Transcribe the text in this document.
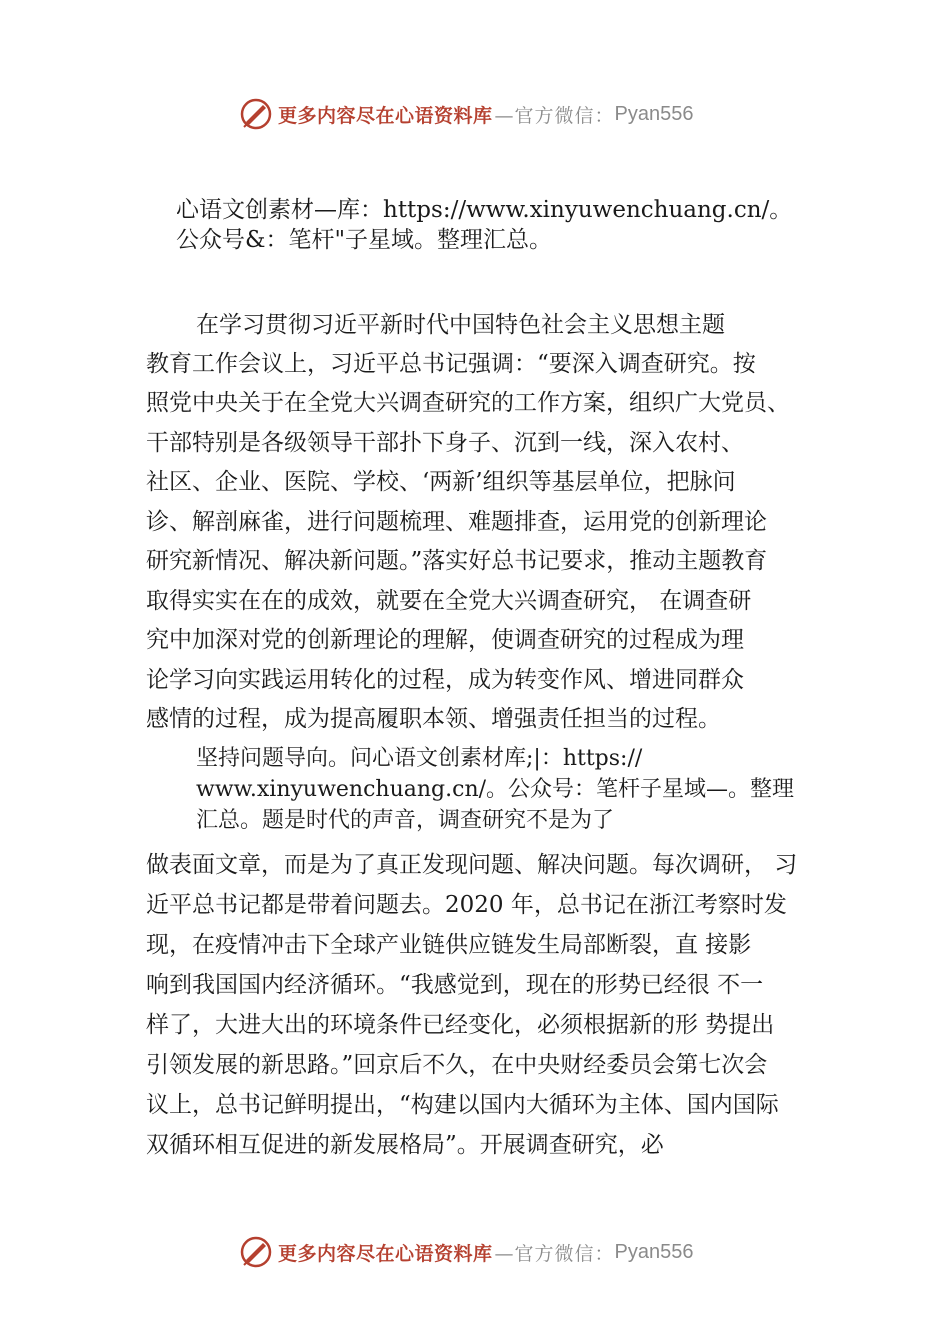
更多内容尽在心语资料库 —官方微信： Pyan556
心语文创素材—库：https://www.xinyuwenchuang.cn/。
公众号&：笔杆"子星域。整理汇总。
在学习贯彻习近平新时代中国特色社会主义思想主题
教育工作会议上，习近平总书记强调：“要深入调查研究。按
照党中央关于在全党大兴调查研究的工作方案，组织广大党员、
干部特别是各级领导干部扑下身子、沉到一线，深入农村、
社区、企业、医院、学校、‘两新’组织等基层单位，把脉问
诊、解剖麻雀，进行问题梳理、难题排查，运用党的创新理论
研究新情况、解决新问题。”落实好总书记要求，推动主题教育
取得实实在在的成效，就要在全党大兴调查研究， 在调查研
究中加深对党的创新理论的理解，使调查研究的过程成为理
论学习向实践运用转化的过程，成为转变作风、增进同群众
感情的过程，成为提高履职本领、增强责任担当的过程。
坚持问题导向。问心语文创素材库;|：https://
www.xinyuwenchuang.cn/。公众号：笔杆子星域—。整理
汇总。题是时代的声音，调查研究不是为了
做表面文章，而是为了真正发现问题、解决问题。每次调研， 习
近平总书记都是带着问题去。2020 年，总书记在浙江考察时发
现，在疫情冲击下全球产业链供应链发生局部断裂，直 接影
响到我国国内经济循环。“我感觉到，现在的形势已经很 不一
样了，大进大出的环境条件已经变化，必须根据新的形 势提出
引领发展的新思路。”回京后不久，在中央财经委员会第七次会
议上，总书记鲜明提出，“构建以国内大循环为主体、国内国际
双循环相互促进的新发展格局”。开展调查研究，必
更多内容尽在心语资料库 —官方微信： Pyan556
